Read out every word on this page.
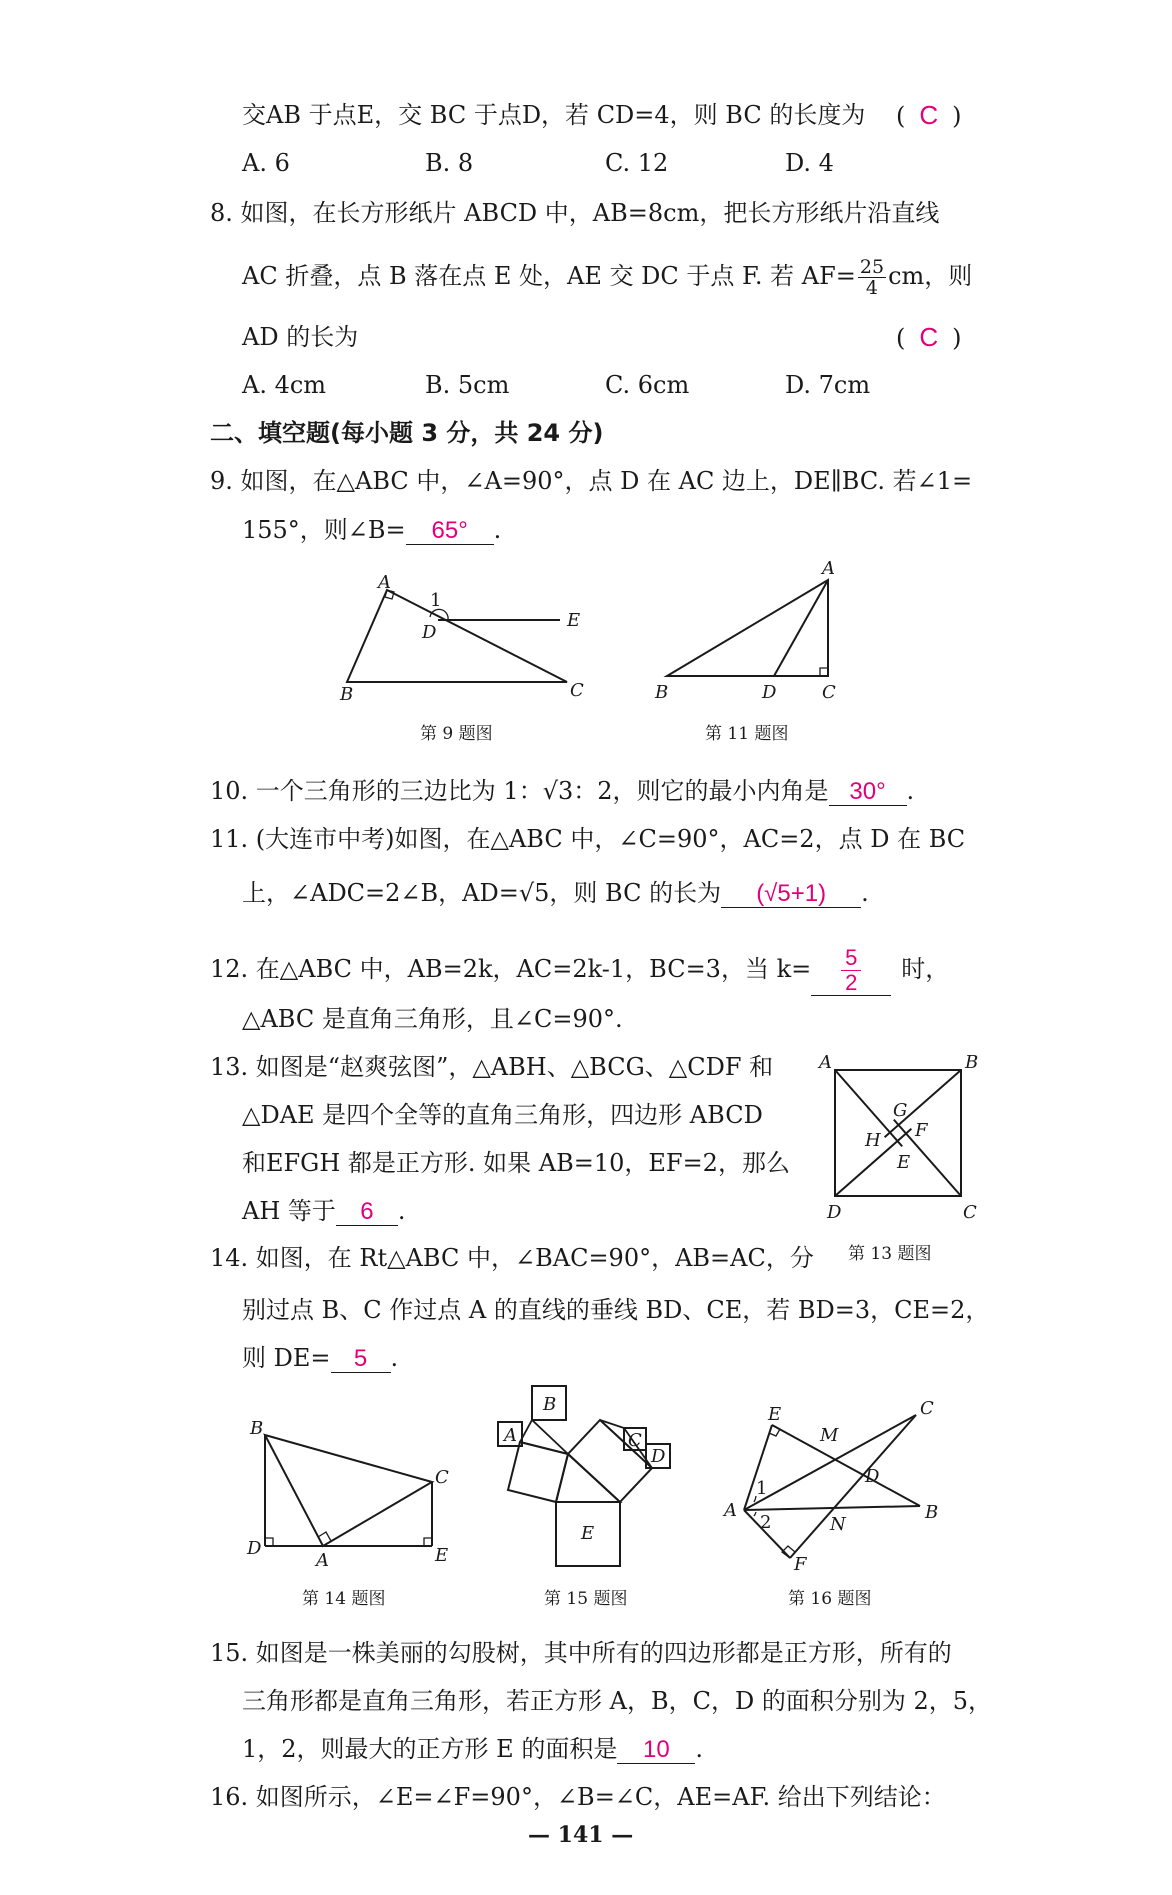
交AB 于点E，交 BC 于点D，若 CD=4，则 BC 的长度为 ( C )
A. 6	B. 8	C. 12	D. 4
8. 如图，在长方形纸片 ABCD 中，AB=8cm，把长方形纸片沿直线
AC 折叠，点 B 落在点 E 处，AE 交 DC 于点 F. 若 $AF= \frac{25}{4}$ cm，则
AD 的长为	( C )
A. 4cm	B. 5cm	C. 6cm	D. 7cm
二、填空题(每小题 3 分，共 24 分)
9. 如图，在△ABC 中，∠A=90°，点 D 在 AC 边上，DE∥BC. 若∠1=
155°，则∠B= 65° .
A
1
D
E
B	C
第 9 题图
A
B	D	C
第 11 题图
10. 一个三角形的三边比为 1：√3：2，则它的最小内角是 30° .
11. (大连市中考)如图，在△ABC 中，∠C=90°，AC=2，点 D 在 BC
上，∠ADC=2∠B，AD=√5，则 BC 的长为 (√5+1) .
12. 在△ABC 中，AB=2k，AC=2k-1，BC=3，当 $k= \frac{5}{2}$ 时，
△ABC 是直角三角形，且∠C=90°.
13. 如图是“赵爽弦图”，△ABH、△BCG、△CDF 和
△DAE 是四个全等的直角三角形，四边形 ABCD
和EFGH 都是正方形. 如果 AB=10，EF=2，那么
AH 等于 6 .
A	B
G
F
H
E
D	C
第 13 题图
14. 如图，在 Rt△ABC 中，∠BAC=90°，AB=AC，分
别过点 B、C 作过点 A 的直线的垂线 BD、CE，若 BD=3，CE=2，
则 DE= 5 .
B
C
D
A	E
第 14 题图
B
A	C
D
E
第 15 题图
E	C
M
1
D
A
2	N
B
F
第 16 题图
15. 如图是一株美丽的勾股树，其中所有的四边形都是正方形，所有的
三角形都是直角三角形，若正方形 A，B，C，D 的面积分别为 2，5，
1，2，则最大的正方形 E 的面积是 10 .
16. 如图所示，∠E=∠F=90°，∠B=∠C，AE=AF. 给出下列结论：
— 141 —
